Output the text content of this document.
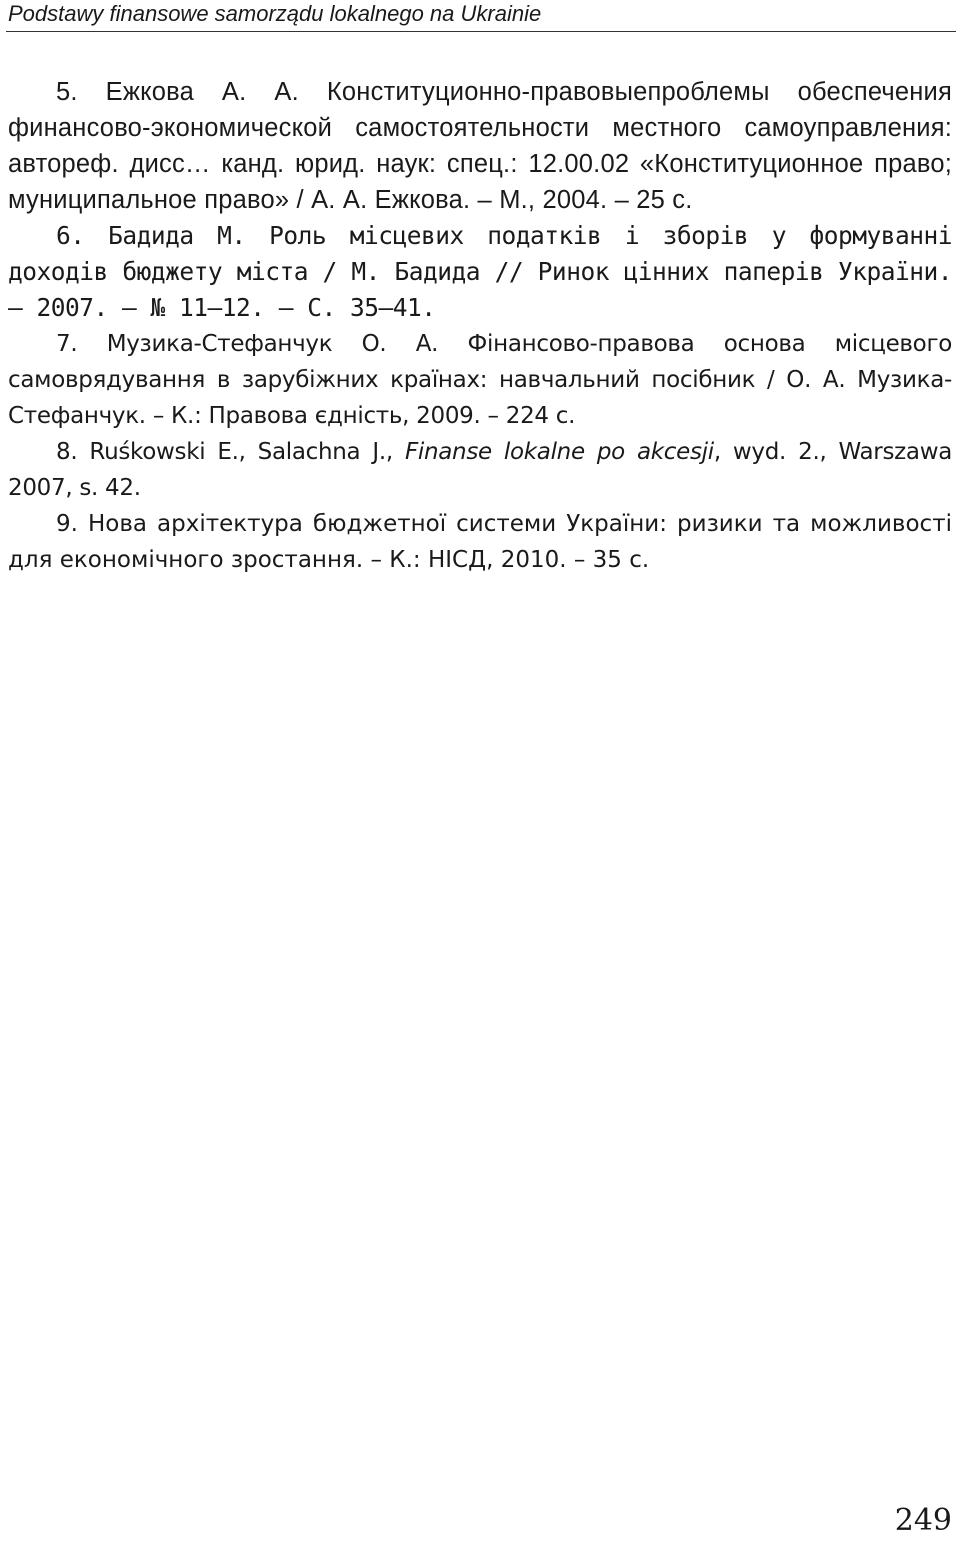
Podstawy finansowe samorządu lokalnego na Ukrainie

5. Ежкова А. А. Конституционно-правовыепроблемы обеспечения финансово-экономической самостоятельности местного самоуправления: автореф. дисс… канд. юрид. наук: спец.: 12.00.02 «Конституционное право; муниципальное право» / А. А. Ежкова. – М., 2004. – 25 с.

6. Бадида М. Роль місцевих податків і зборів у формуванні доходів бюджету міста / М. Бадида // Ринок цінних паперів України. – 2007. – № 11–12. – С. 35–41.

7. Музика-Стефанчук О. А. Фінансово-правова основа місцевого самоврядування в зарубіжних країнах: навчальний посібник / О. А. Музика-Стефанчук. – К.: Правова єдність, 2009. – 224 с.

8. Ruśkowski E., Salachna J., Finanse lokalne po akcesji, wyd. 2., Warszawa 2007, s. 42.

9. Нова архітектура бюджетної системи України: ризики та можливості для економічного зростання. – К.: НІСД, 2010. – 35 с.

249
